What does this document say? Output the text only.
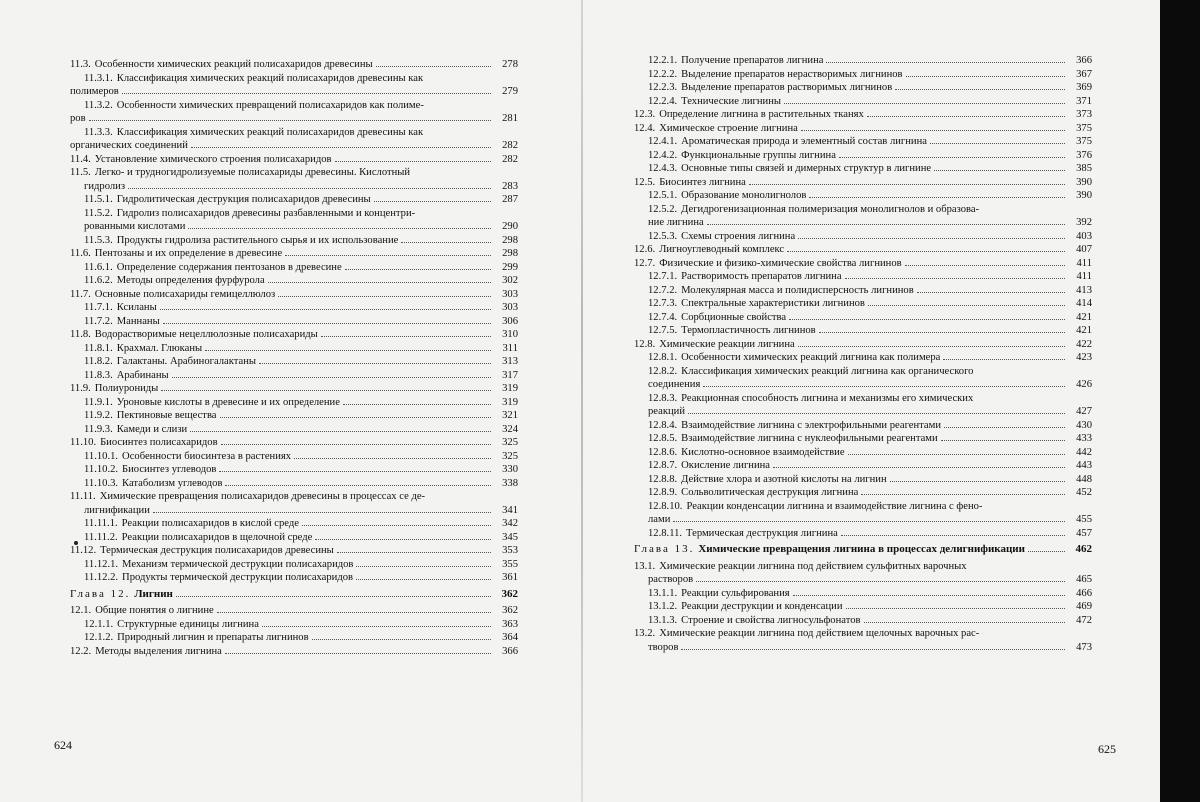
11.3. Особенности химических реакций полисахаридов древесины	278
11.3.1. Классификация химических реакций полисахаридов древесины как
полимеров	279
11.3.2. Особенности химических превращений полисахаридов как полиме-
ров	281
11.3.3. Классификация химических реакций полисахаридов древесины как
органических соединений	282
11.4. Установление химического строения полисахаридов	282
11.5. Легко- и трудногидролизуемые полисахариды древесины. Кислотный
гидролиз	283
11.5.1. Гидролитическая деструкция полисахаридов древесины	287
11.5.2. Гидролиз полисахаридов древесины разбавленными и концентри-
рованными кислотами	290
11.5.3. Продукты гидролиза растительного сырья и их использование	298
11.6. Пентозаны и их определение в древесине	298
11.6.1. Определение содержания пентозанов в древесине	299
11.6.2. Методы определения фурфурола	302
11.7. Основные полисахариды гемицеллюлоз	303
11.7.1. Ксиланы	303
11.7.2. Маннаны	306
11.8. Водорастворимые нецеллюлозные полисахариды	310
11.8.1. Крахмал. Глюканы	311
11.8.2. Галактаны. Арабиногалактаны	313
11.8.3. Арабинаны	317
11.9. Полиурониды	319
11.9.1. Уроновые кислоты в древесине и их определение	319
11.9.2. Пектиновые вещества	321
11.9.3. Камеди и слизи	324
11.10. Биосинтез полисахаридов	325
11.10.1. Особенности биосинтеза в растениях	325
11.10.2. Биосинтез углеводов	330
11.10.3. Катаболизм углеводов	338
11.11. Химические превращения полисахаридов древесины в процессах се де-
лигнификации	341
11.11.1. Реакции полисахаридов в кислой среде	342
11.11.2. Реакции полисахаридов в щелочной среде	345
11.12. Термическая деструкция полисахаридов древесины	353
11.12.1. Механизм термической деструкции полисахаридов	355
11.12.2. Продукты термической деструкции полисахаридов	361
Глава 12. Лигнин	362
12.1. Общие понятия о лигнине	362
12.1.1. Структурные единицы лигнина	363
12.1.2. Природный лигнин и препараты лигнинов	364
12.2. Методы выделения лигнина	366
624
12.2.1. Получение препаратов лигнина	366
12.2.2. Выделение препаратов нерастворимых лигнинов	367
12.2.3. Выделение препаратов растворимых лигнинов	369
12.2.4. Технические лигнины	371
12.3. Определение лигнина в растительных тканях	373
12.4. Химическое строение лигнина	375
12.4.1. Ароматическая природа и элементный состав лигнина	375
12.4.2. Функциональные группы лигнина	376
12.4.3. Основные типы связей и димерных структур в лигнине	385
12.5. Биосинтез лигнина	390
12.5.1. Образование монолигнолов	390
12.5.2. Дегидрогенизационная полимеризация монолигнолов и образова-
ние лигнина	392
12.5.3. Схемы строения лигнина	403
12.6. Лигноуглеводный комплекс	407
12.7. Физические и физико-химические свойства лигнинов	411
12.7.1. Растворимость препаратов лигнина	411
12.7.2. Молекулярная масса и полидисперсность лигнинов	413
12.7.3. Спектральные характеристики лигнинов	414
12.7.4. Сорбционные свойства	421
12.7.5. Термопластичность лигнинов	421
12.8. Химические реакции лигнина	422
12.8.1. Особенности химических реакций лигнина как полимера	423
12.8.2. Классификация химических реакций лигнина как органического
соединения	426
12.8.3. Реакционная способность лигнина и механизмы его химических
реакций	427
12.8.4. Взаимодействие лигнина с электрофильными реагентами	430
12.8.5. Взаимодействие лигнина с нуклеофильными реагентами	433
12.8.6. Кислотно-основное взаимодействие	442
12.8.7. Окисление лигнина	443
12.8.8. Действие хлора и азотной кислоты на лигнин	448
12.8.9. Сольволитическая деструкция лигнина	452
12.8.10. Реакции конденсации лигнина и взаимодействие лигнина с фено-
лами	455
12.8.11. Термическая деструкция лигнина	457
Глава 13. Химические превращения лигнина в процессах делигнификации	462
13.1. Химические реакции лигнина под действием сульфитных варочных
растворов	465
13.1.1. Реакции сульфирования	466
13.1.2. Реакции деструкции и конденсации	469
13.1.3. Строение и свойства лигносульфонатов	472
13.2. Химические реакции лигнина под действием щелочных варочных рас-
творов	473
625
